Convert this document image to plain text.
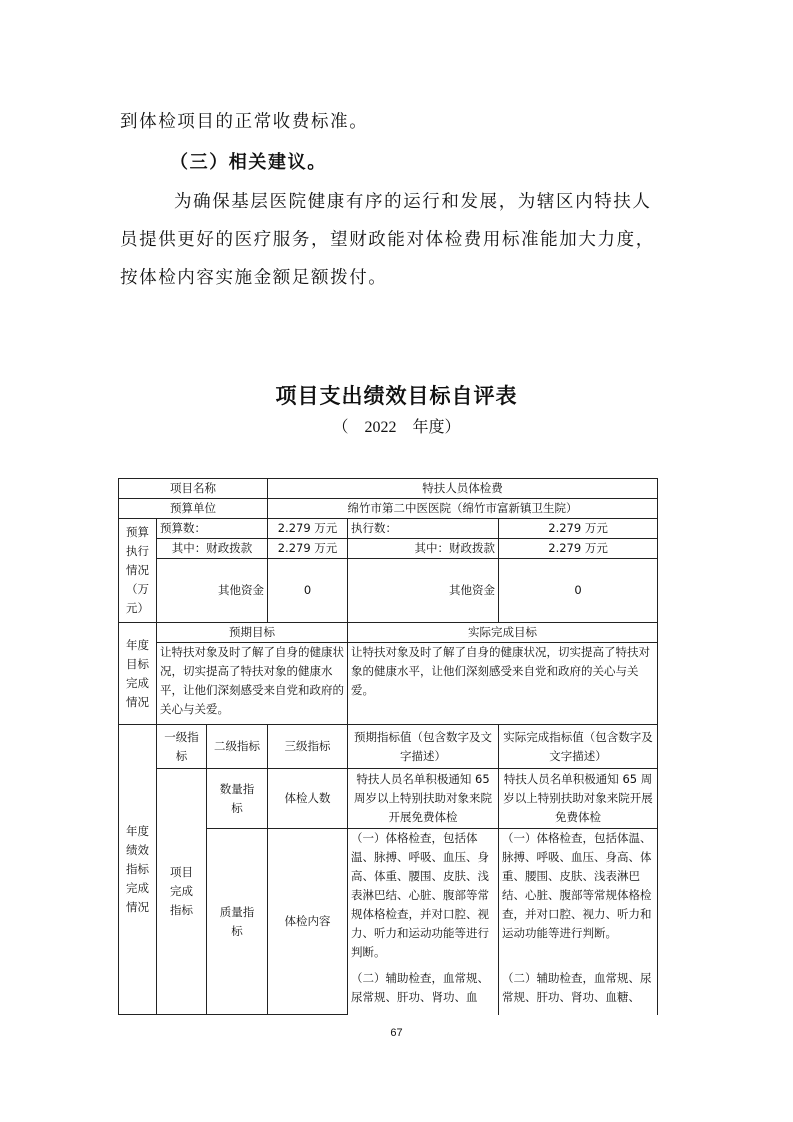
到体检项目的正常收费标准。
（三）相关建议。
为确保基层医院健康有序的运行和发展，为辖区内特扶人
员提供更好的医疗服务，望财政能对体检费用标准能加大力度，
按体检内容实施金额足额拨付。
项目支出绩效目标自评表
（    2022    年度）
项目名称			特扶人员体检费		
预算单位			绵竹市第二中医医院（绵竹市富新镇卫生院）		
预算执行情况（万元）	预算数：		2.279 万元	执行数：	2.279 万元
	其中：财政拨款		2.279 万元	其中：财政拨款	2.279 万元
	其他资金		0	其他资金	0
年度目标完成情况	预期目标			实际完成目标	
	让特扶对象及时了解了自身的健康状况，切实提高了特扶对象的健康水平，让他们深刻感受来自党和政府的关心与关爱。			让特扶对象及时了解了自身的健康状况，切实提高了特扶对象的健康水平，让他们深刻感受来自党和政府的关心与关爱。	
年度绩效指标完成情况	一级指标	二级指标	三级指标	预期指标值（包含数字及文字描述）	实际完成指标值（包含数字及文字描述）
	项目完成指标	数量指标	体检人数	特扶人员名单积极通知 65 周岁以上特别扶助对象来院开展免费体检	特扶人员名单积极通知 65 周岁以上特别扶助对象来院开展免费体检
		质量指标	体检内容	（一）体格检查，包括体温、脉搏、呼吸、血压、身高、体重、腰围、皮肤、浅表淋巴结、心脏、腹部等常规体格检查，并对口腔、视力、听力和运动功能等进行判断。	（一）体格检查，包括体温、脉搏、呼吸、血压、身高、体重、腰围、皮肤、浅表淋巴结、心脏、腹部等常规体格检查，并对口腔、视力、听力和运动功能等进行判断。
				（二）辅助检查，血常规、尿常规、肝功、肾功、血	（二）辅助检查，血常规、尿常规、肝功、肾功、血糖、
67
